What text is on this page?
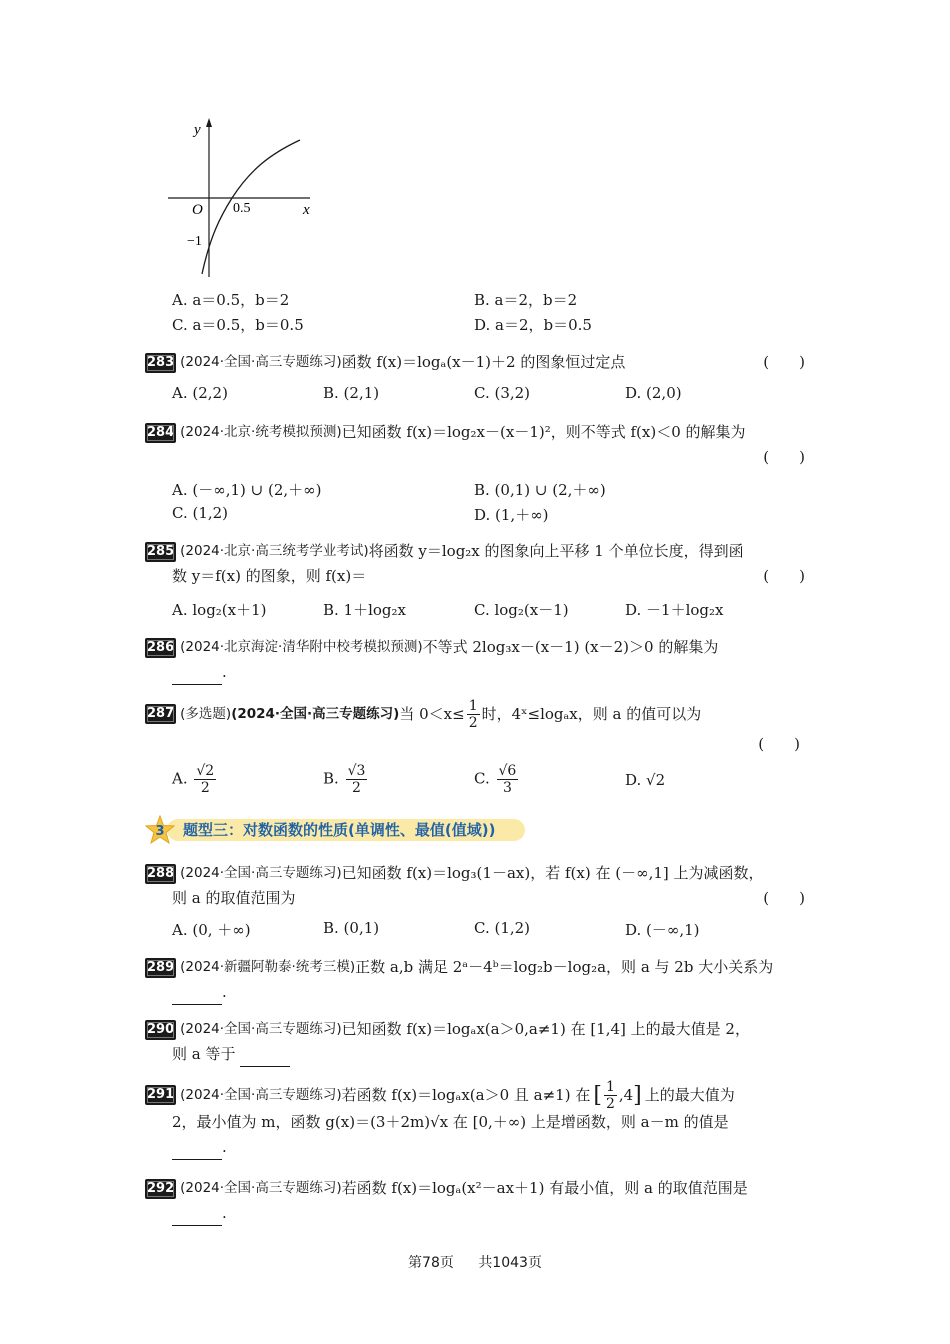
y
x
O 0.5
−1
A. a＝0.5，b＝2	B. a＝2，b＝2
C. a＝0.5，b＝0.5	D. a＝2，b＝0.5
283 (2024·全国·高三专题练习) 函数 f(x)＝logₐ(x－1)＋2 的图象恒过定点	(　　)
A. (2,2)	B. (2,1)	C. (3,2)	D. (2,0)
284 (2024·北京·统考模拟预测) 已知函数 f(x)＝log₂x－(x－1)²，则不等式 f(x)＜0 的解集为
(　　)
A. (－∞,1) ∪ (2,＋∞)	B. (0,1) ∪ (2,＋∞)
C. (1,2)	D. (1,＋∞)
285 (2024·北京·高三统考学业考试) 将函数 y＝log₂x 的图象向上平移 1 个单位长度，得到函
数 y＝f(x) 的图象，则 f(x)＝	(　　)
A. log₂(x＋1)	B. 1＋log₂x	C. log₂(x－1)	D. －1＋log₂x
286 (2024·北京海淀·清华附中校考模拟预测) 不等式 2log₃x－(x－1) (x－2)＞0 的解集为
.
287 (多选题) (2024·全国·高三专题练习) 当 $0<x\le \frac{1}{2}$ 时，4ˣ≤logₐx，则 a 的值可以为
(　　)
A. $\frac{√2}{2}$	B. $\frac{√3}{2}$	C. $\frac{√6}{3}$	D. √2
3 题型三：对数函数的性质(单调性、最值(值域))
288 (2024·全国·高三专题练习) 已知函数 f(x)＝log₃(1－ax)，若 f(x) 在 (－∞,1] 上为减函数，
则 a 的取值范围为	(　　)
A. (0, ＋∞)	B. (0,1)	C. (1,2)	D. (－∞,1)
289 (2024·新疆阿勒泰·统考三模) 正数 a,b 满足 2ᵃ－4ᵇ＝log₂b－log₂a，则 a 与 2b 大小关系为
.
290 (2024·全国·高三专题练习) 已知函数 f(x)＝logₐx(a＞0,a≠1) 在 [1,4] 上的最大值是 2，
则 a 等于
291 (2024·全国·高三专题练习) 若函数 f(x)＝logₐx(a＞0 且 a≠1) 在 [ $\frac{1}{2} ,4$ ] 上的最大值为
2，最小值为 m，函数 g(x)＝(3＋2m)√x 在 [0,＋∞) 上是增函数，则 a－m 的值是
.
292 (2024·全国·高三专题练习) 若函数 f(x)＝logₐ(x²－ax＋1) 有最小值，则 a 的取值范围是
.
第78页 共1043页
